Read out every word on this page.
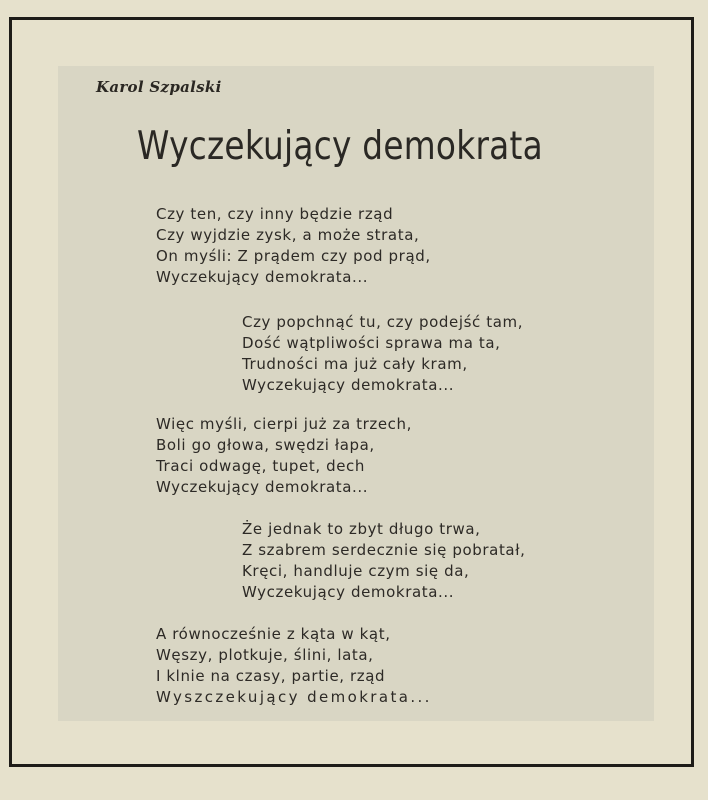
Karol Szpalski
Wyczekujący demokrata
Czy ten, czy inny będzie rząd
Czy wyjdzie zysk, a może strata,
On myśli: Z prądem czy pod prąd,
Wyczekujący demokrata...
Czy popchnąć tu, czy podejść tam,
Dość wątpliwości sprawa ma ta,
Trudności ma już cały kram,
Wyczekujący demokrata...
Więc myśli, cierpi już za trzech,
Boli go głowa, swędzi łapa,
Traci odwagę, tupet, dech
Wyczekujący demokrata...
Że jednak to zbyt długo trwa,
Z szabrem serdecznie się pobratał,
Kręci, handluje czym się da,
Wyczekujący demokrata...
A równocześnie z kąta w kąt,
Węszy, plotkuje, ślini, lata,
I klnie na czasy, partie, rząd
Wyszczekujący demokrata...
